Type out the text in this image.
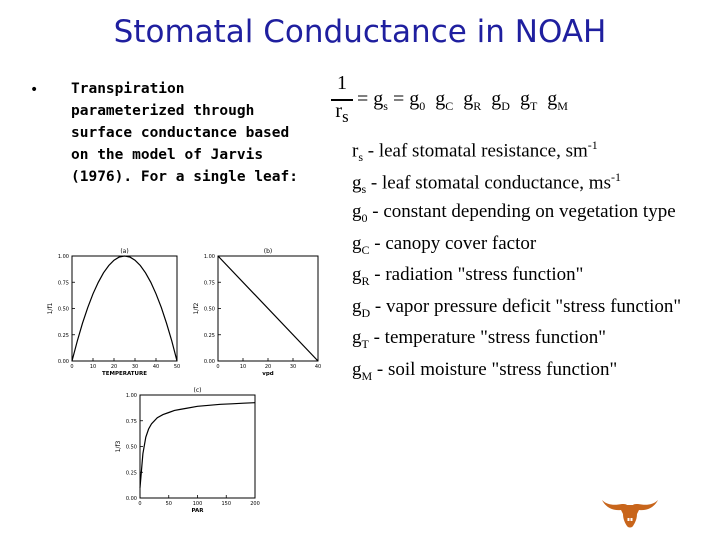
Stomatal Conductance in NOAH
• Transpiration
parameterized through
surface conductance based
on the model of Jarvis
(1976). For a single leaf:
1
$r_s$
= $g_s = g_0$ $g_C$ $g_R$ $g_D$ $g_T$ $g_M$
$r_s$ - leaf stomatal resistance, $sm^{-1}$
$g_s$ - leaf stomatal conductance, $ms^{-1}$
$g_0$ - constant depending on vegetation type
$g_C$ - canopy cover factor
$g_R$ - radiation "stress function"
$g_D$ - vapor pressure deficit "stress function"
$g_T$ - temperature "stress function"
$g_M$ - soil moisture "stress function"
(a)
0	10	20	30	40	50
0.00
0.25
0.50
0.75
1.00
TEMPERATURE
1/f1
(b)
0	10	20	30	40
0.00
0.25
0.50
0.75
1.00
vpd
1/f2
(c)
0	50	100	150	200
0.00
0.25
0.50
0.75
1.00
PAR
1/f3
